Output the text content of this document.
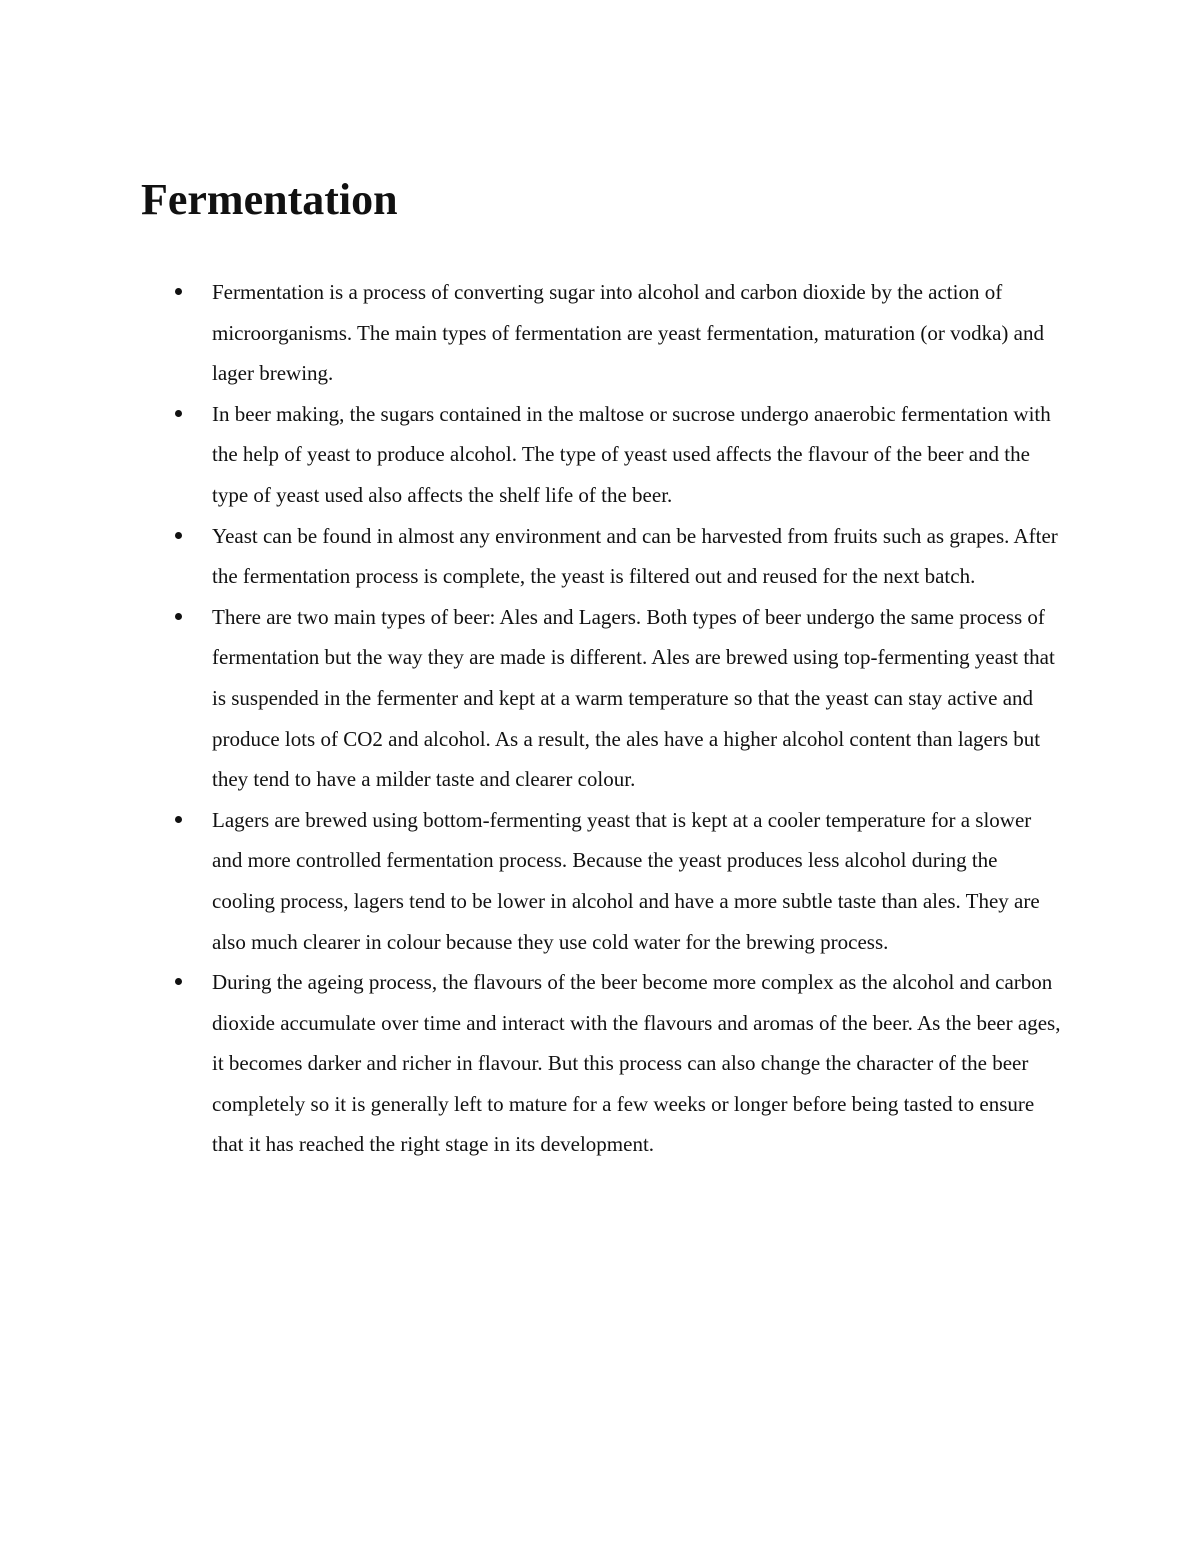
Fermentation
Fermentation is a process of converting sugar into alcohol and carbon dioxide by the action of microorganisms. The main types of fermentation are yeast fermentation, maturation (or vodka) and lager brewing.
In beer making, the sugars contained in the maltose or sucrose undergo anaerobic fermentation with the help of yeast to produce alcohol. The type of yeast used affects the flavour of the beer and the type of yeast used also affects the shelf life of the beer.
Yeast can be found in almost any environment and can be harvested from fruits such as grapes. After the fermentation process is complete, the yeast is filtered out and reused for the next batch.
There are two main types of beer: Ales and Lagers. Both types of beer undergo the same process of fermentation but the way they are made is different. Ales are brewed using top-fermenting yeast that is suspended in the fermenter and kept at a warm temperature so that the yeast can stay active and produce lots of CO2 and alcohol. As a result, the ales have a higher alcohol content than lagers but they tend to have a milder taste and clearer colour.
Lagers are brewed using bottom-fermenting yeast that is kept at a cooler temperature for a slower and more controlled fermentation process. Because the yeast produces less alcohol during the cooling process, lagers tend to be lower in alcohol and have a more subtle taste than ales. They are also much clearer in colour because they use cold water for the brewing process.
During the ageing process, the flavours of the beer become more complex as the alcohol and carbon dioxide accumulate over time and interact with the flavours and aromas of the beer. As the beer ages, it becomes darker and richer in flavour. But this process can also change the character of the beer completely so it is generally left to mature for a few weeks or longer before being tasted to ensure that it has reached the right stage in its development.
